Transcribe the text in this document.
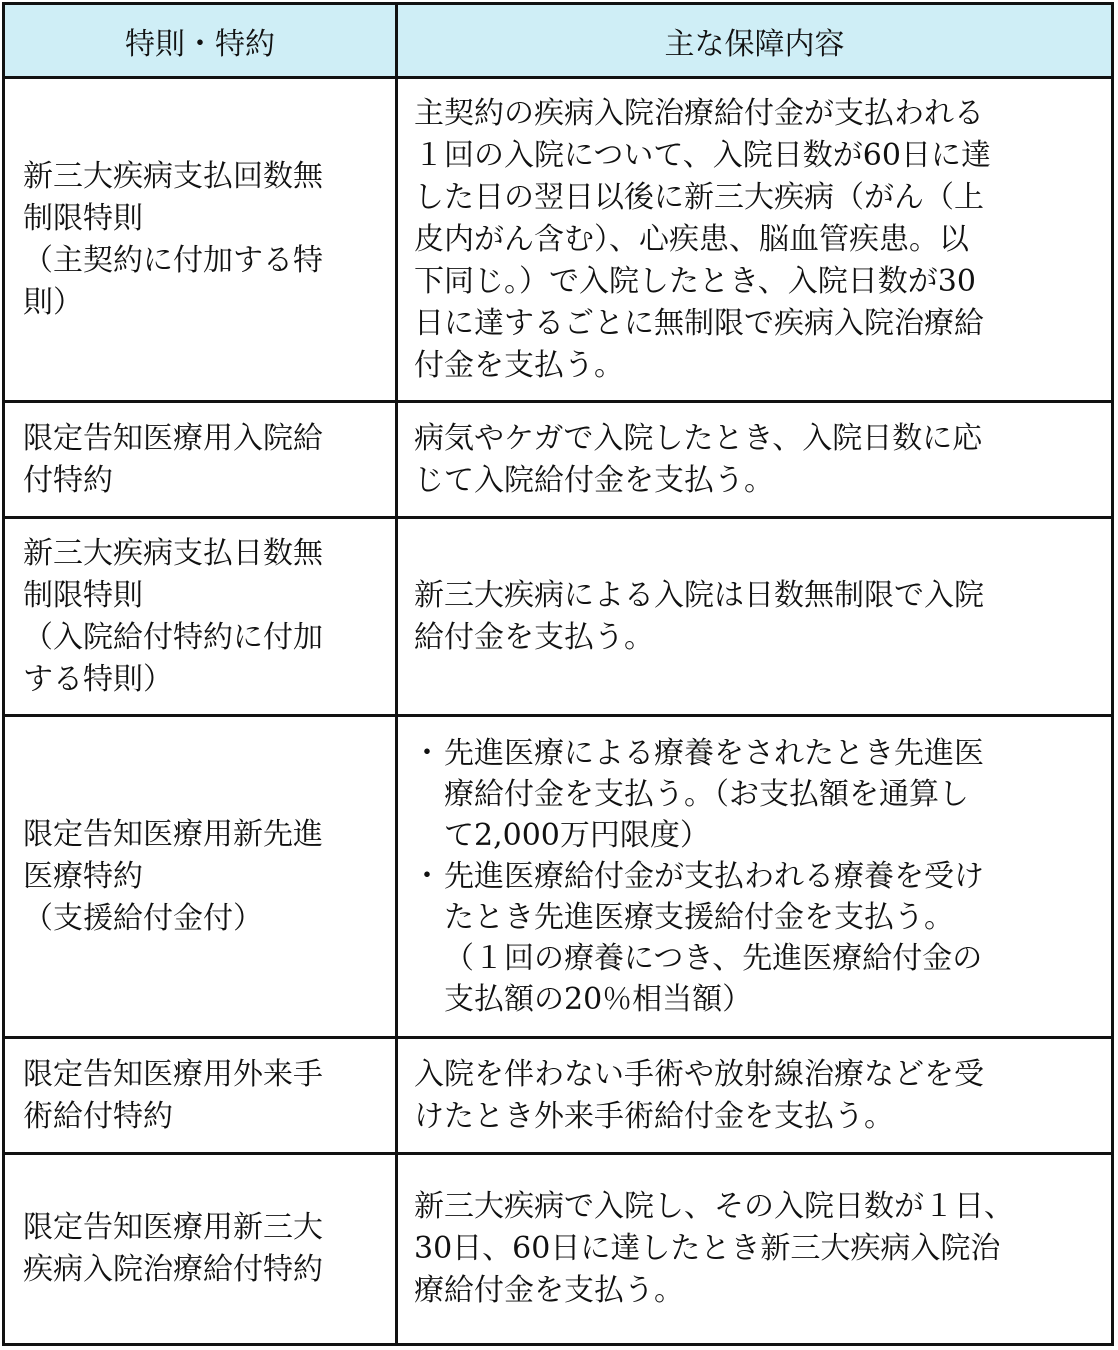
特則・特約	主な保障内容
新三大疾病支払回数無
制限特則
（主契約に付加する特
則）
主契約の疾病入院治療給付金が支払われる
１回の入院について、入院日数が60日に達
した日の翌日以後に新三大疾病（がん（上
皮内がん含む）、心疾患、脳血管疾患。以
下同じ。）で入院したとき、入院日数が30
日に達するごとに無制限で疾病入院治療給
付金を支払う。
限定告知医療用入院給
付特約
病気やケガで入院したとき、入院日数に応
じて入院給付金を支払う。
新三大疾病支払日数無
制限特則
（入院給付特約に付加
する特則）
新三大疾病による入院は日数無制限で入院
給付金を支払う。
限定告知医療用新先進
医療特約
（支援給付金付）
・ 先進医療による療養をされたとき先進医
療給付金を支払う。（お支払額を通算し
て2,000万円限度）
・ 先進医療給付金が支払われる療養を受け
たとき先進医療支援給付金を支払う。
（１回の療養につき、先進医療給付金の
支払額の20％相当額）
限定告知医療用外来手
術給付特約
入院を伴わない手術や放射線治療などを受
けたとき外来手術給付金を支払う。
限定告知医療用新三大
疾病入院治療給付特約
新三大疾病で入院し、その入院日数が１日、
30日、60日に達したとき新三大疾病入院治
療給付金を支払う。
